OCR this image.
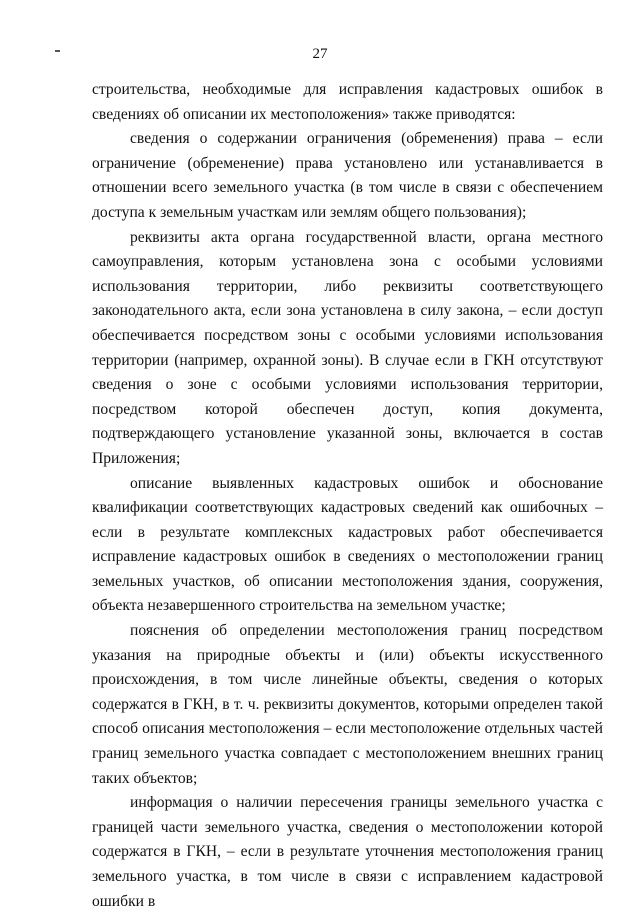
27

строительства, необходимые для исправления кадастровых ошибок в сведениях об описании их местоположения» также приводятся:

сведения о содержании ограничения (обременения) права – если ограничение (обременение) права установлено или устанавливается в отношении всего земельного участка (в том числе в связи с обеспечением доступа к земельным участкам или землям общего пользования);

реквизиты акта органа государственной власти, органа местного самоуправления, которым установлена зона с особыми условиями использования территории, либо реквизиты соответствующего законодательного акта, если зона установлена в силу закона, – если доступ обеспечивается посредством зоны с особыми условиями использования территории (например, охранной зоны). В случае если в ГКН отсутствуют сведения о зоне с особыми условиями использования территории, посредством которой обеспечен доступ, копия документа, подтверждающего установление указанной зоны, включается в состав Приложения;

описание выявленных кадастровых ошибок и обоснование квалификации соответствующих кадастровых сведений как ошибочных – если в результате комплексных кадастровых работ обеспечивается исправление кадастровых ошибок в сведениях о местоположении границ земельных участков, об описании местоположения здания, сооружения, объекта незавершенного строительства на земельном участке;

пояснения об определении местоположения границ посредством указания на природные объекты и (или) объекты искусственного происхождения, в том числе линейные объекты, сведения о которых содержатся в ГКН, в т. ч. реквизиты документов, которыми определен такой способ описания местоположения – если местоположение отдельных частей границ земельного участка совпадает с местоположением внешних границ таких объектов;

информация о наличии пересечения границы земельного участка с границей части земельного участка, сведения о местоположении которой содержатся в ГКН, – если в результате уточнения местоположения границ земельного участка, в том числе в связи с исправлением кадастровой ошибки в
